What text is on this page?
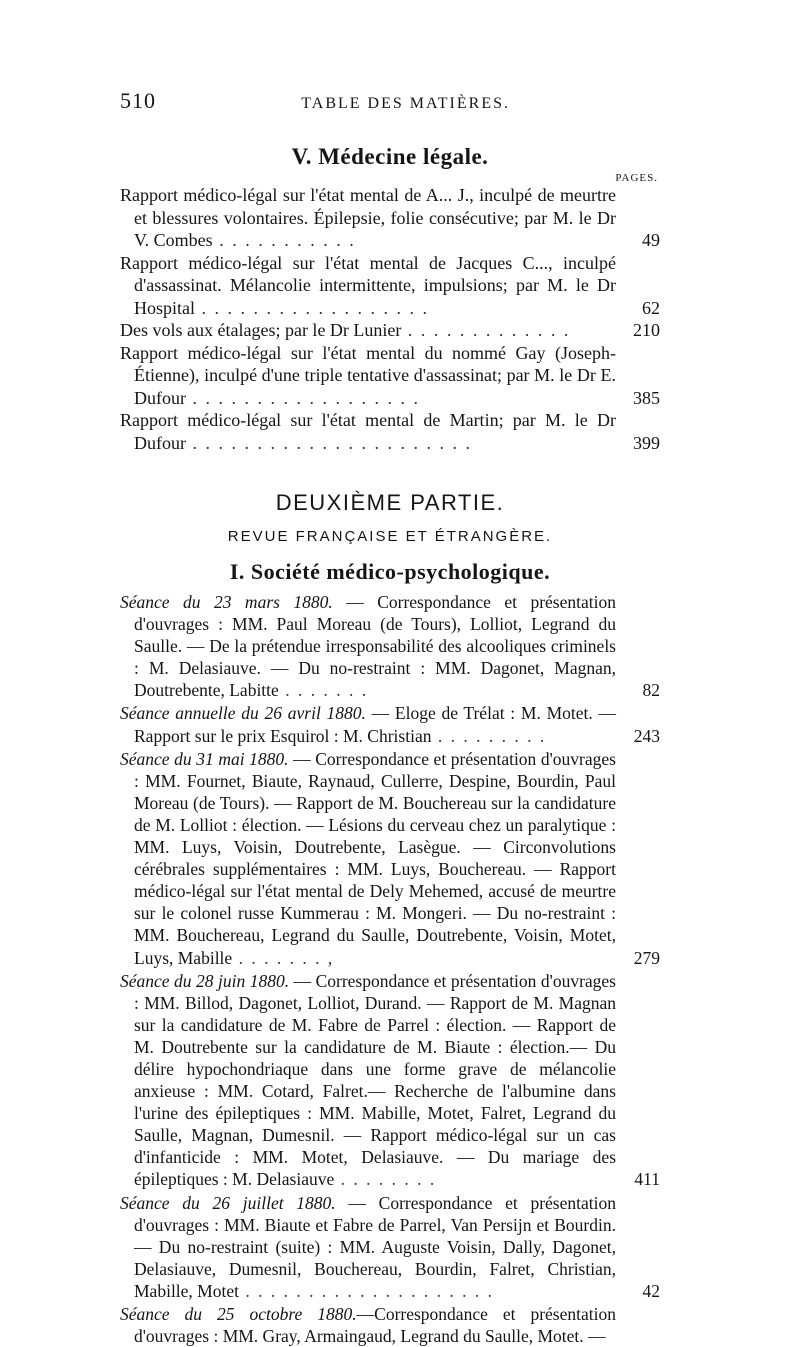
510	TABLE DES MATIÈRES.
V. Médecine légale.
PAGES.
Rapport médico-légal sur l'état mental de A... J., inculpé de meurtre et blessures volontaires. Épilepsie, folie consécutive; par M. le Dr V. Combes . . . . . . . . . . .	49
Rapport médico-légal sur l'état mental de Jacques C..., inculpé d'assassinat. Mélancolie intermittente, impulsions; par M. le Dr Hospital . . . . . . . . . . . . . . . . . .	62
Des vols aux étalages; par le Dr Lunier . . . . . . . . . . . . .	210
Rapport médico-légal sur l'état mental du nommé Gay (Joseph-Étienne), inculpé d'une triple tentative d'assassinat; par M. le Dr E. Dufour . . . . . . . . . . . . . . . . . .	385
Rapport médico-légal sur l'état mental de Martin; par M. le Dr Dufour . . . . . . . . . . . . . . . . . . . . . .	399
DEUXIÈME PARTIE.
REVUE FRANÇAISE ET ÉTRANGÈRE.
I. Société médico-psychologique.
Séance du 23 mars 1880. — Correspondance et présentation d'ouvrages : MM. Paul Moreau (de Tours), Lolliot, Legrand du Saulle. — De la prétendue irresponsabilité des alcooliques criminels : M. Delasiauve. — Du no-restraint : MM. Dagonet, Magnan, Doutrebente, Labitte . . . . . . .	82
Séance annuelle du 26 avril 1880. — Eloge de Trélat : M. Motet. — Rapport sur le prix Esquirol : M. Christian . . . . . . . . .	243
Séance du 31 mai 1880. — Correspondance et présentation d'ouvrages : MM. Fournet, Biaute, Raynaud, Cullerre, Despine, Bourdin, Paul Moreau (de Tours). — Rapport de M. Bouchereau sur la candidature de M. Lolliot : élection. — Lésions du cerveau chez un paralytique : MM. Luys, Voisin, Doutrebente, Lasègue. — Circonvolutions cérébrales supplémentaires : MM. Luys, Bouchereau. — Rapport médico-légal sur l'état mental de Dely Mehemed, accusé de meurtre sur le colonel russe Kummerau : M. Mongeri. — Du no-restraint : MM. Bouchereau, Legrand du Saulle, Doutrebente, Voisin, Motet, Luys, Mabille . . . . . . . ,	279
Séance du 28 juin 1880. — Correspondance et présentation d'ouvrages : MM. Billod, Dagonet, Lolliot, Durand. — Rapport de M. Magnan sur la candidature de M. Fabre de Parrel : élection. — Rapport de M. Doutrebente sur la candidature de M. Biaute : élection.— Du délire hypochondriaque dans une forme grave de mélancolie anxieuse : MM. Cotard, Falret.— Recherche de l'albumine dans l'urine des épileptiques : MM. Mabille, Motet, Falret, Legrand du Saulle, Magnan, Dumesnil. — Rapport médico-légal sur un cas d'infanticide : MM. Motet, Delasiauve. — Du mariage des épileptiques : M. Delasiauve . . . . . . . .	411
Séance du 26 juillet 1880. — Correspondance et présentation d'ouvrages : MM. Biaute et Fabre de Parrel, Van Persijn et Bourdin. — Du no-restraint (suite) : MM. Auguste Voisin, Dally, Dagonet, Delasiauve, Dumesnil, Bouchereau, Bourdin, Falret, Christian, Mabille, Motet . . . . . . . . . . . . . . . . . . . .	42
Séance du 25 octobre 1880.—Correspondance et présentation d'ouvrages : MM. Gray, Armaingaud, Legrand du Saulle, Motet. —
